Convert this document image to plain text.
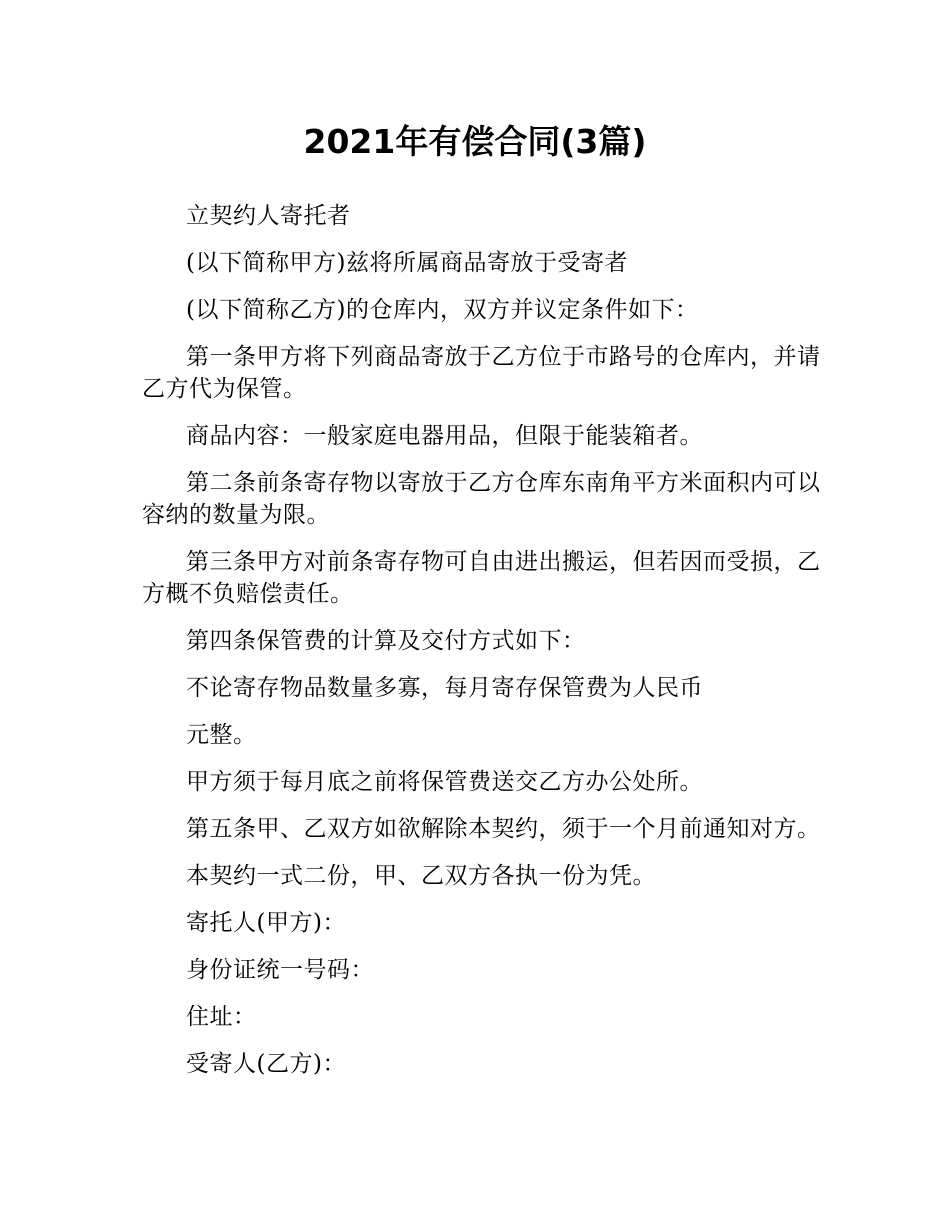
2021年有偿合同(3篇)

立契约人寄托者

(以下简称甲方)兹将所属商品寄放于受寄者

(以下简称乙方)的仓库内，双方并议定条件如下：

第一条甲方将下列商品寄放于乙方位于市路号的仓库内，并请乙方代为保管。

商品内容：一般家庭电器用品，但限于能装箱者。

第二条前条寄存物以寄放于乙方仓库东南角平方米面积内可以容纳的数量为限。

第三条甲方对前条寄存物可自由进出搬运，但若因而受损，乙方概不负赔偿责任。

第四条保管费的计算及交付方式如下：

不论寄存物品数量多寡，每月寄存保管费为人民币

元整。

甲方须于每月底之前将保管费送交乙方办公处所。

第五条甲、乙双方如欲解除本契约，须于一个月前通知对方。

本契约一式二份，甲、乙双方各执一份为凭。

寄托人(甲方)：

身份证统一号码：

住址：

受寄人(乙方)：
